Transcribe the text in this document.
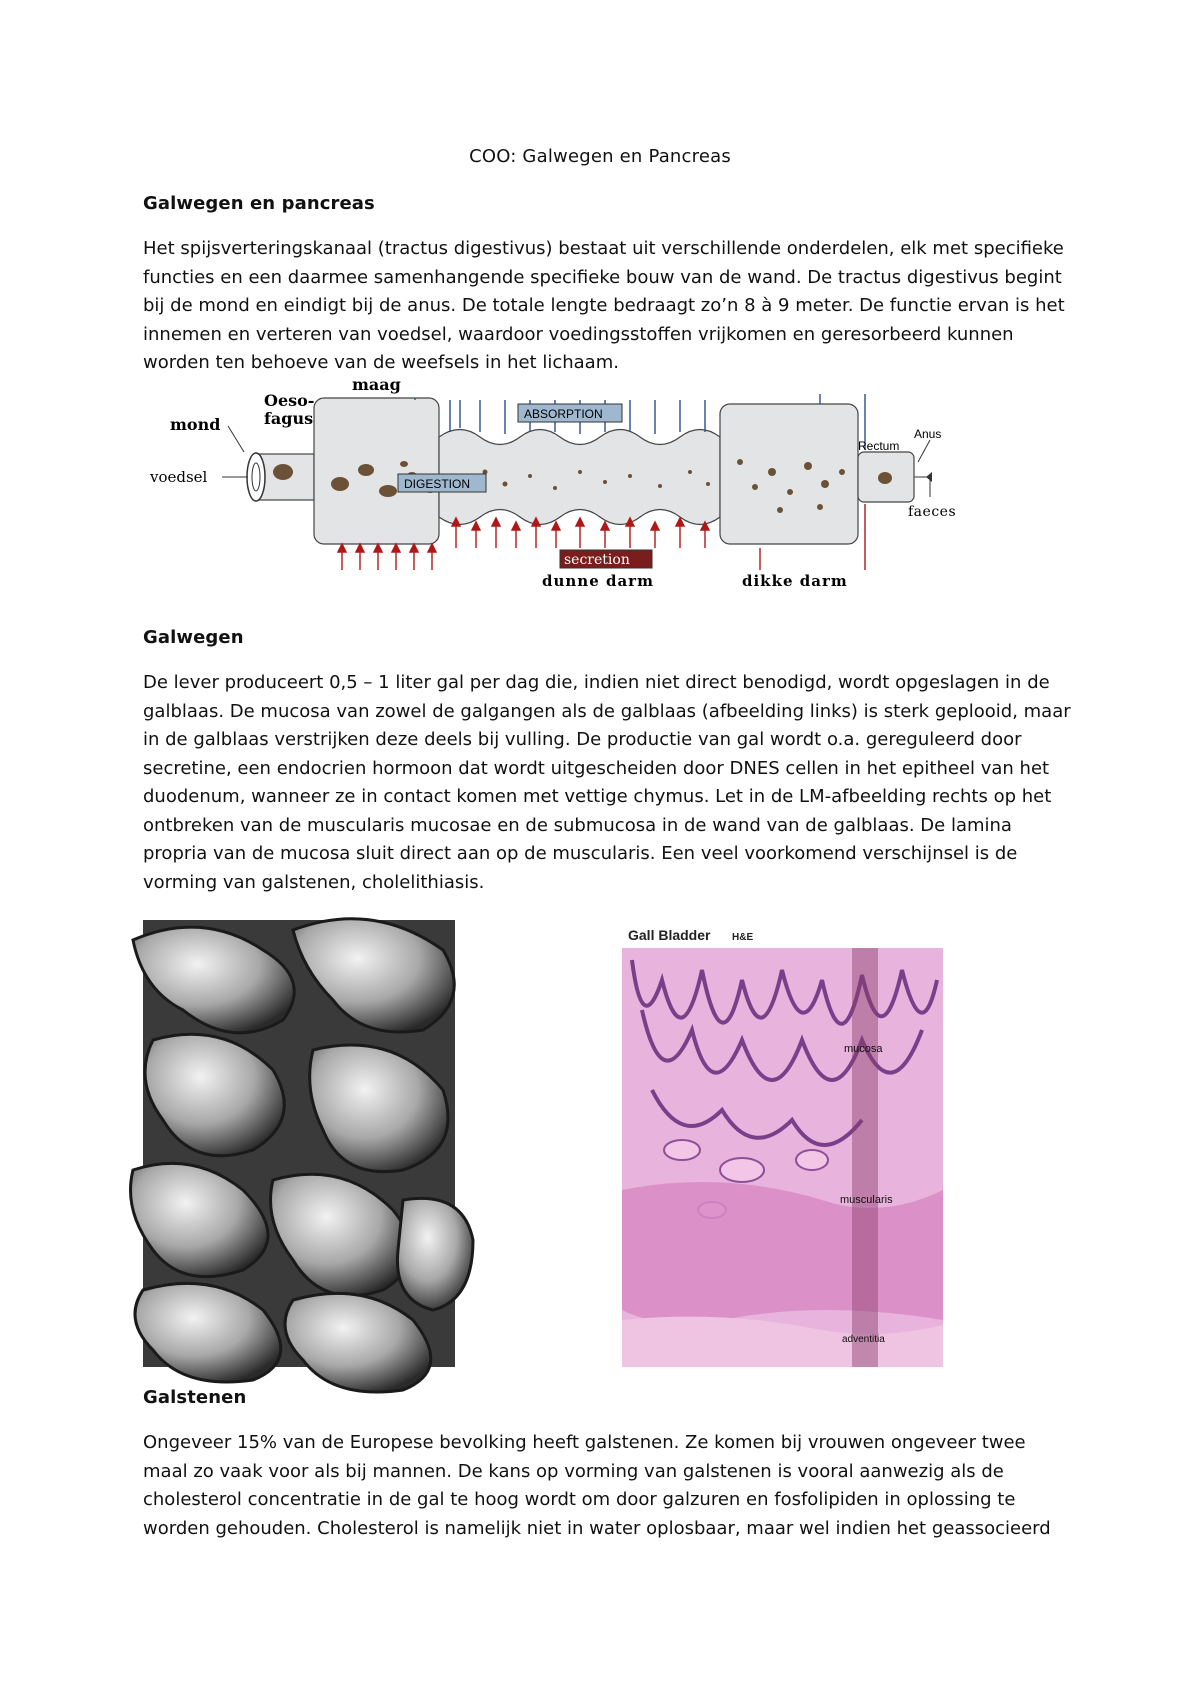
COO: Galwegen en Pancreas
Galwegen en pancreas
Het spijsverteringskanaal (tractus digestivus) bestaat uit verschillende onderdelen, elk met specifieke
functies en een daarmee samenhangende specifieke bouw van de wand. De tractus digestivus begint
bij de mond en eindigt bij de anus. De totale lengte bedraagt zo’n 8 à 9 meter. De functie ervan is het
innemen en verteren van voedsel, waardoor voedingsstoffen vrijkomen en geresorbeerd kunnen
worden ten behoeve van de weefsels in het lichaam.
mond
Oeso-
fagus
maag
voedsel	DIGESTION
ABSORPTION
secretion
dunne darm	dikke darm
Rectum
Anus
faeces
Galwegen
De lever produceert 0,5 – 1 liter gal per dag die, indien niet direct benodigd, wordt opgeslagen in de
galblaas. De mucosa van zowel de galgangen als de galblaas (afbeelding links) is sterk geplooid, maar
in de galblaas verstrijken deze deels bij vulling. De productie van gal wordt o.a. gereguleerd door
secretine, een endocrien hormoon dat wordt uitgescheiden door DNES cellen in het epitheel van het
duodenum, wanneer ze in contact komen met vettige chymus. Let in de LM-afbeelding rechts op het
ontbreken van de muscularis mucosae en de submucosa in de wand van de galblaas. De lamina
propria van de mucosa sluit direct aan op de muscularis. Een veel voorkomend verschijnsel is de
vorming van galstenen, cholelithiasis.
Gall Bladder H&E
mucosa
muscularis
adventitia
Galstenen
Ongeveer 15% van de Europese bevolking heeft galstenen. Ze komen bij vrouwen ongeveer twee
maal zo vaak voor als bij mannen. De kans op vorming van galstenen is vooral aanwezig als de
cholesterol concentratie in de gal te hoog wordt om door galzuren en fosfolipiden in oplossing te
worden gehouden. Cholesterol is namelijk niet in water oplosbaar, maar wel indien het geassocieerd
